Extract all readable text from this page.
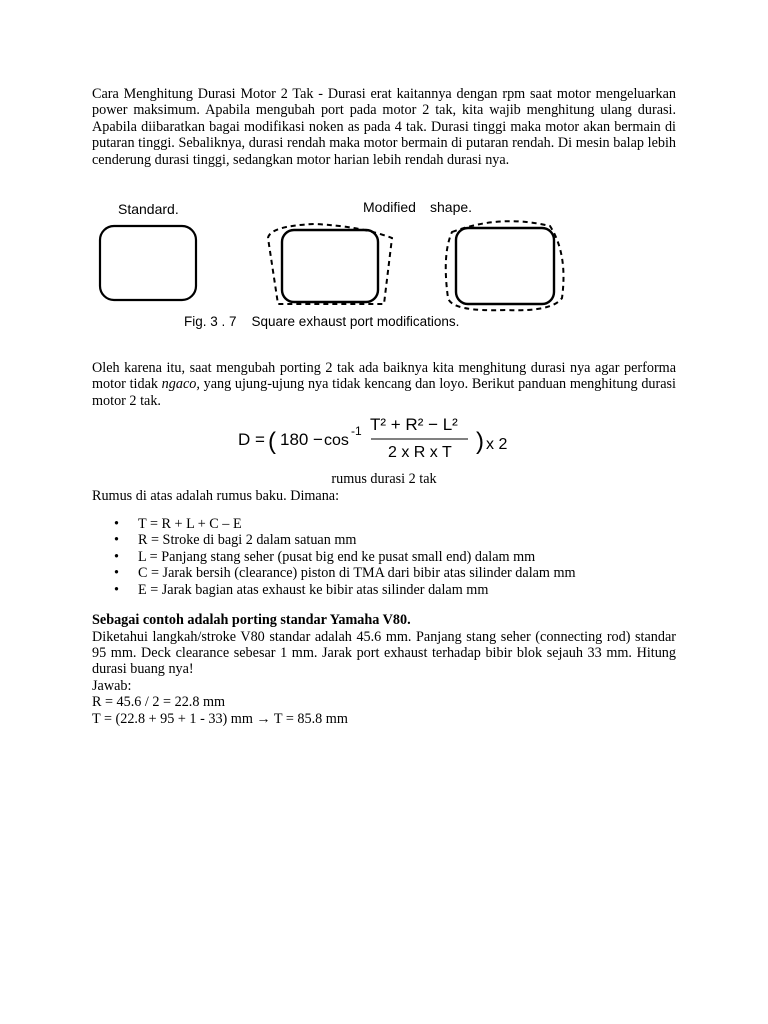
Cara Menghitung Durasi Motor 2 Tak - Durasi erat kaitannya dengan rpm saat motor mengeluarkan power maksimum. Apabila mengubah port pada motor 2 tak, kita wajib menghitung ulang durasi. Apabila diibaratkan bagai modifikasi noken as pada 4 tak. Durasi tinggi maka motor akan bermain di putaran tinggi. Sebaliknya, durasi rendah maka motor bermain di putaran rendah. Di mesin balap lebih cenderung durasi tinggi, sedangkan motor harian lebih rendah durasi nya.

Standard.	Modified shape.
Fig. 3 . 7    Square exhaust port modifications.

Oleh karena itu, saat mengubah porting 2 tak ada baiknya kita menghitung durasi nya agar performa motor tidak ngaco, yang ujung-ujung nya tidak kencang dan loyo. Berikut panduan menghitung durasi motor 2 tak.

D = ( 180 − cos
-1 T² + R² − L²
2 x R x T ) x 2

rumus durasi 2 tak

Rumus di atas adalah rumus baku. Dimana:

• T = R + L + C – E
• R = Stroke di bagi 2 dalam satuan mm
• L = Panjang stang seher (pusat big end ke pusat small end) dalam mm
• C = Jarak bersih (clearance) piston di TMA dari bibir atas silinder dalam mm
• E = Jarak bagian atas exhaust ke bibir atas silinder dalam mm

Sebagai contoh adalah porting standar Yamaha V80.

Diketahui langkah/stroke V80 standar adalah 45.6 mm. Panjang stang seher (connecting rod) standar 95 mm. Deck clearance sebesar 1 mm. Jarak port exhaust terhadap bibir blok sejauh 33 mm. Hitung durasi buang nya!

Jawab:

R = 45.6 / 2 = 22.8 mm

T = (22.8 + 95 + 1 - 33) mm → T = 85.8 mm
